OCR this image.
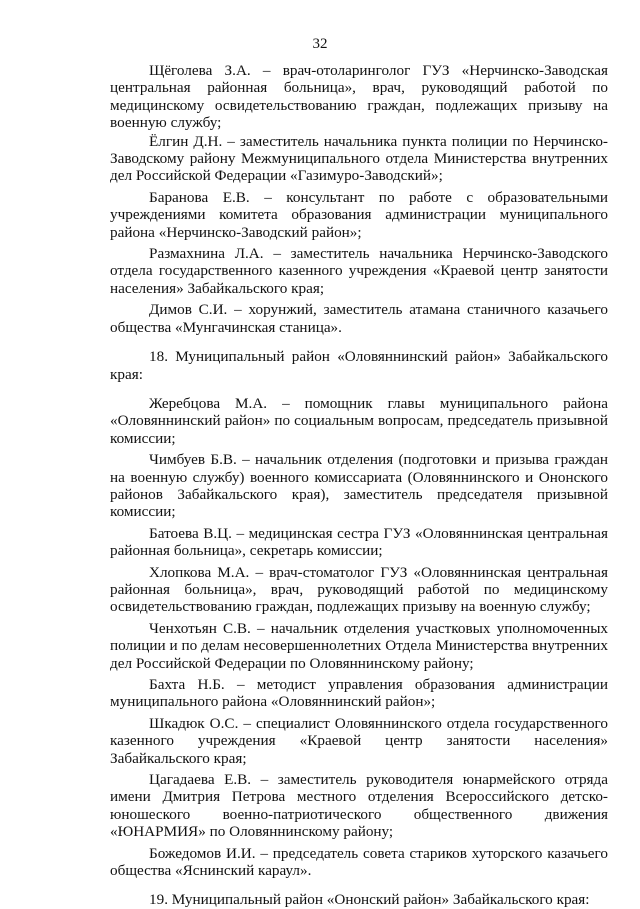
32

Щёголева З.А. – врач-отоларинголог ГУЗ «Нерчинско-Заводская центральная районная больница», врач, руководящий работой по медицинскому освидетельствованию граждан, подлежащих призыву на военную службу;

Ёлгин Д.Н. – заместитель начальника пункта полиции по Нерчинско-Заводскому району Межмуниципального отдела Министерства внутренних дел Российской Федерации «Газимуро-Заводский»;

Баранова Е.В. – консультант по работе с образовательными учреждениями комитета образования администрации муниципального района «Нерчинско-Заводский район»;

Размахнина Л.А. – заместитель начальника Нерчинско-Заводского отдела государственного казенного учреждения «Краевой центр занятости населения» Забайкальского края;

Димов С.И. – хорунжий, заместитель атамана станичного казачьего общества «Мунгачинская станица».

18. Муниципальный район «Оловяннинский район» Забайкальского края:

Жеребцова М.А. – помощник главы муниципального района «Оловяннинский район» по социальным вопросам, председатель призывной комиссии;

Чимбуев Б.В. – начальник отделения (подготовки и призыва граждан на военную службу) военного комиссариата (Оловяннинского и Ононского районов Забайкальского края), заместитель председателя призывной комиссии;

Батоева В.Ц. – медицинская сестра ГУЗ «Оловяннинская центральная районная больница», секретарь комиссии;

Хлопкова М.А. – врач-стоматолог ГУЗ «Оловяннинская центральная районная больница», врач, руководящий работой по медицинскому освидетельствованию граждан, подлежащих призыву на военную службу;

Ченхотьян С.В. – начальник отделения участковых уполномоченных полиции и по делам несовершеннолетних Отдела Министерства внутренних дел Российской Федерации по Оловяннинскому району;

Бахта Н.Б. – методист управления образования администрации муниципального района «Оловяннинский район»;

Шкадюк О.С. – специалист Оловяннинского отдела государственного казенного учреждения «Краевой центр занятости населения» Забайкальского края;

Цагадаева Е.В. – заместитель руководителя юнармейского отряда имени Дмитрия Петрова местного отделения Всероссийского детско-юношеского военно-патриотического общественного движения «ЮНАРМИЯ» по Оловяннинскому району;

Божедомов И.И. – председатель совета стариков хуторского казачьего общества «Яснинский караул».

19. Муниципальный район «Ононский район» Забайкальского края:
